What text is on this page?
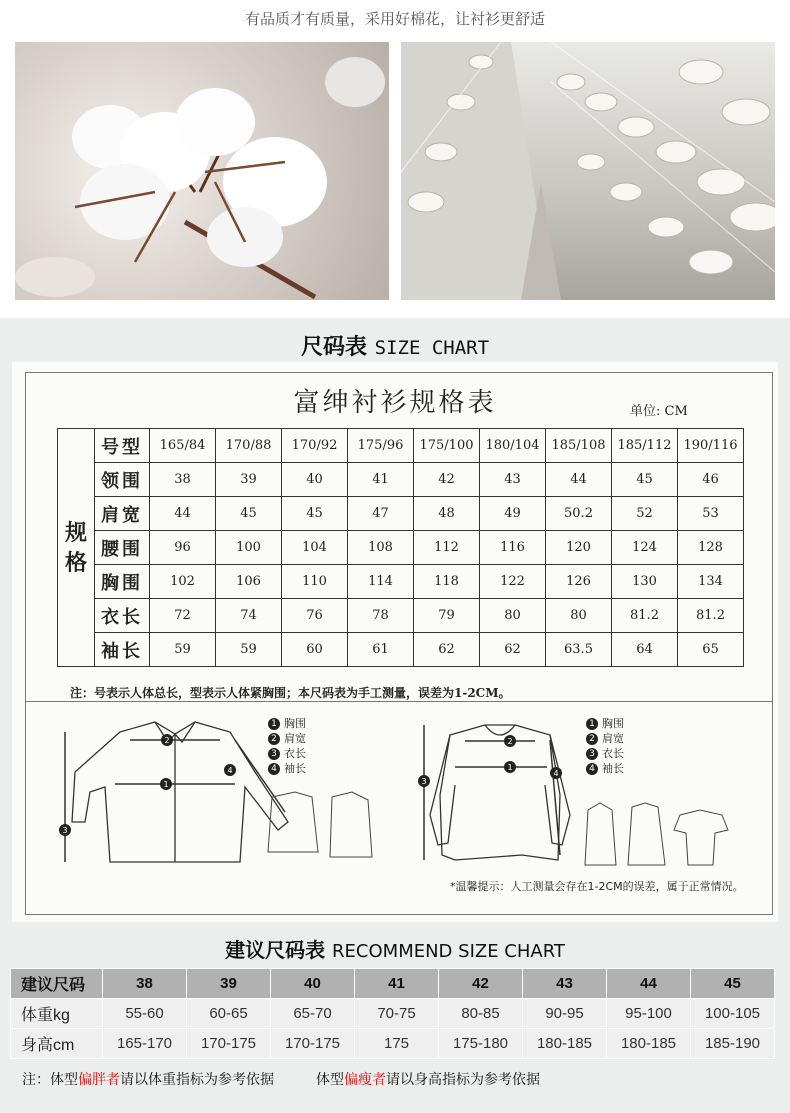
有品质才有质量，采用好棉花，让衬衫更舒适
尺码表 SIZE CHART
富绅衬衫规格表	单位: CM
规格	号型	165/84	170/88	170/92	175/96	175/100	180/104	185/108	185/112	190/116
	领围	38	39	40	41	42	43	44	45	46
	肩宽	44	45	45	47	48	49	50.2	52	53
	腰围	96	100	104	108	112	116	120	124	128
	胸围	102	106	110	114	118	122	126	130	134
	衣长	72	74	76	78	79	80	80	81.2	81.2
	袖长	59	59	60	61	62	62	63.5	64	65
注：号表示人体总长，型表示人体紧胸围；本尺码表为手工测量，误差为1-2CM。
1
2
3
4
1 胸围
2 肩宽
3 衣长
4 袖长	1
2
3
4
1 胸围
2 肩宽
3 衣长
4 袖长
*温馨提示：人工测量会存在1-2CM的误差，属于正常情况。
建议尺码表 RECOMMEND SIZE CHART
建议尺码	38	39	40	41	42	43	44	45
体重kg	55-60	60-65	65-70	70-75	80-85	90-95	95-100	100-105
身高cm	165-170	170-175	170-175	175	175-180	180-185	180-185	185-190
注：体型偏胖者请以体重指标为参考依据	体型偏瘦者请以身高指标为参考依据
